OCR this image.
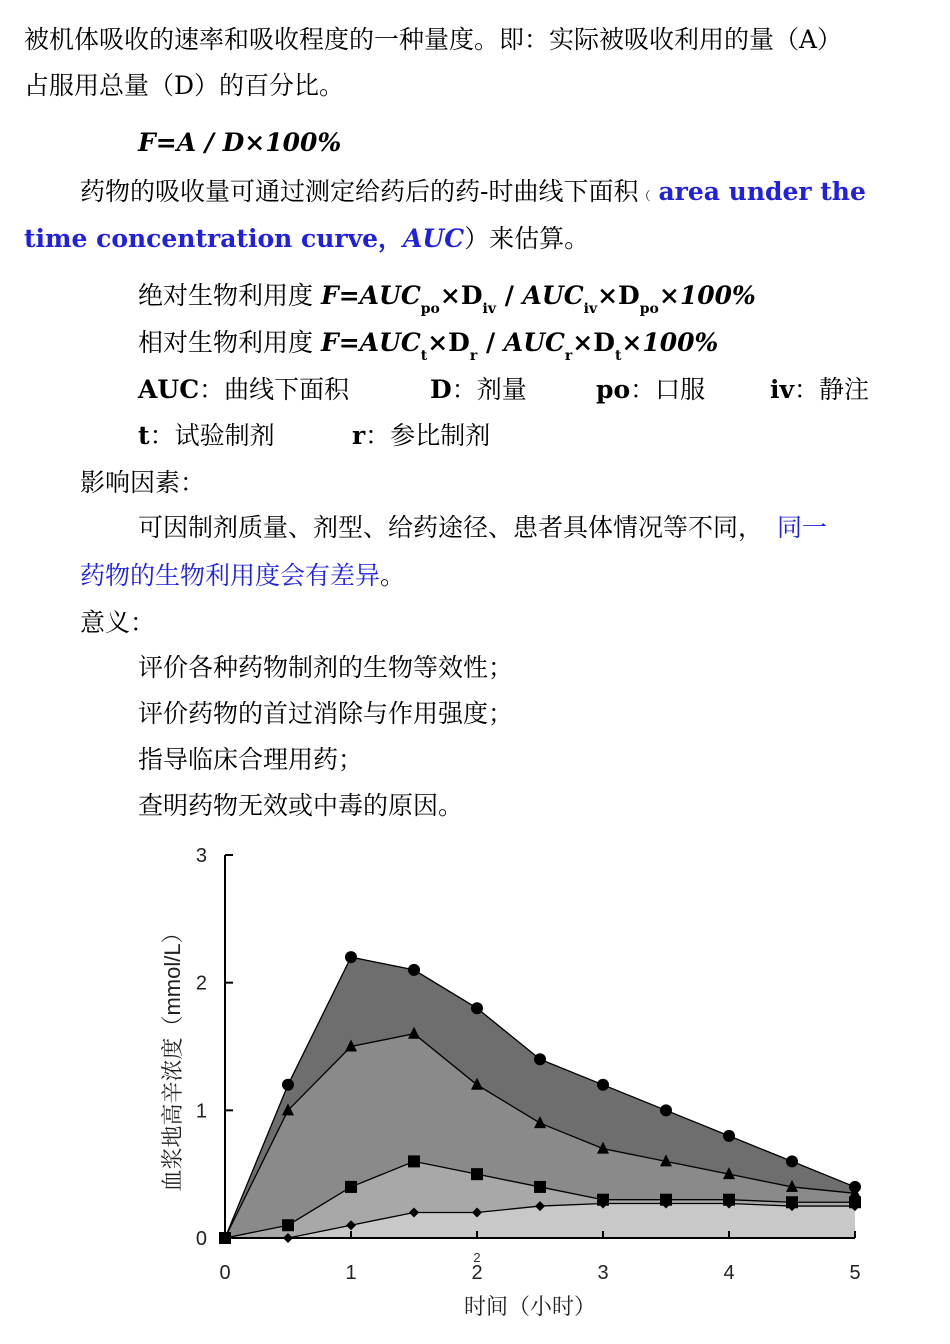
被机体吸收的速率和吸收程度的一种量度。即：实际被吸收利用的量（A）
占服用总量（D）的百分比。
F=A / D×100%
药物的吸收量可通过测定给药后的药-时曲线下面积（ area under the
time concentration curve，AUC）来估算。
绝对生物利用度 $F=AUC_{po}\times D_{iv} / AUC_{iv}\times D_{po}\times 100\%$
相对生物利用度 $F=AUC_t\times D_r / AUC_r\times D_t\times 100\%$
AUC：曲线下面积	D：剂量	po：口服	iv：静注
t：试验制剂	r：参比制剂
影响因素：
可因制剂质量、剂型、给药途径、患者具体情况等不同， 同一
药物的生物利用度会有差异。
意义：
评价各种药物制剂的生物等效性；
评价药物的首过消除与作用强度；
指导临床合理用药；
查明药物无效或中毒的原因。
0
1
2
3
0	1	2	3	4	5
时间（小时）
血浆地高辛浓度（mmol/L）
2
